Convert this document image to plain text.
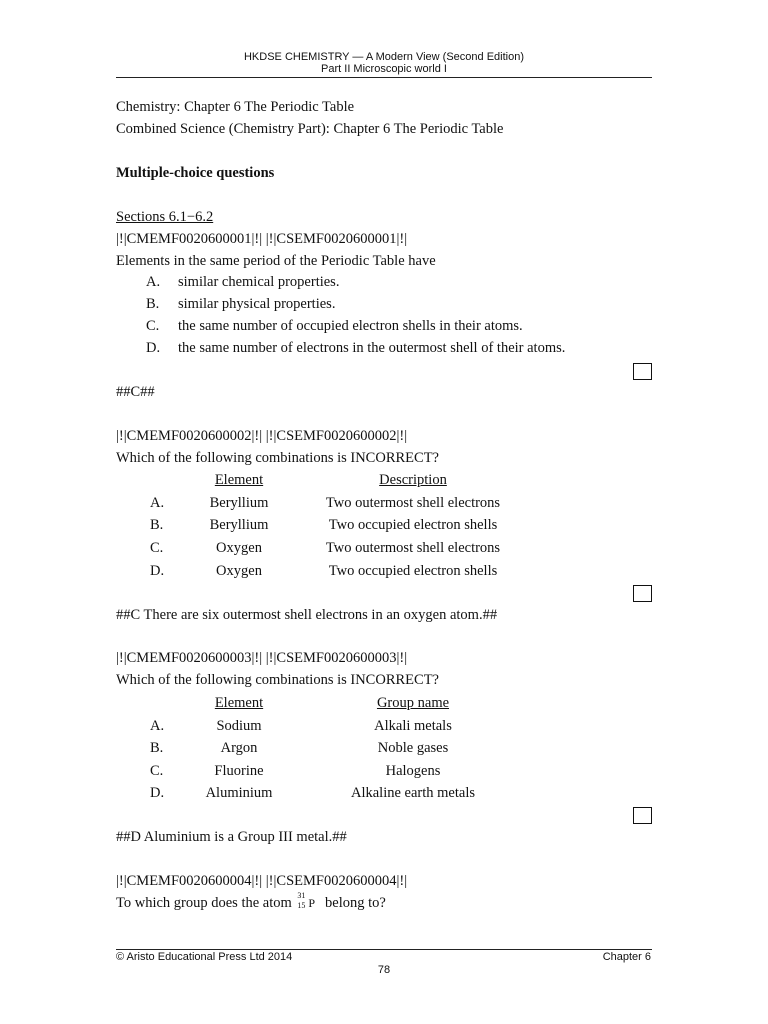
HKDSE CHEMISTRY — A Modern View (Second Edition)
Part II Microscopic world I
Chemistry: Chapter 6 The Periodic Table
Combined Science (Chemistry Part): Chapter 6 The Periodic Table
Multiple-choice questions
Sections 6.1−6.2
|!|CMEMF0020600001|!| |!|CSEMF0020600001|!|
Elements in the same period of the Periodic Table have
A. similar chemical properties.
B. similar physical properties.
C. the same number of occupied electron shells in their atoms.
D. the same number of electrons in the outermost shell of their atoms.
##C##
|!|CMEMF0020600002|!| |!|CSEMF0020600002|!|
Which of the following combinations is INCORRECT?
Element	Description
A.	Beryllium	Two outermost shell electrons
B.	Beryllium	Two occupied electron shells
C.	Oxygen	Two outermost shell electrons
D.	Oxygen	Two occupied electron shells
##C There are six outermost shell electrons in an oxygen atom.##
|!|CMEMF0020600003|!| |!|CSEMF0020600003|!|
Which of the following combinations is INCORRECT?
Element	Group name
A.	Sodium	Alkali metals
B.	Argon	Noble gases
C.	Fluorine	Halogens
D.	Aluminium	Alkaline earth metals
##D Aluminium is a Group III metal.##
|!|CMEMF0020600004|!| |!|CSEMF0020600004|!|
To which group does the atom 31
15 P belong to?
© Aristo Educational Press Ltd 2014	Chapter 6
78
